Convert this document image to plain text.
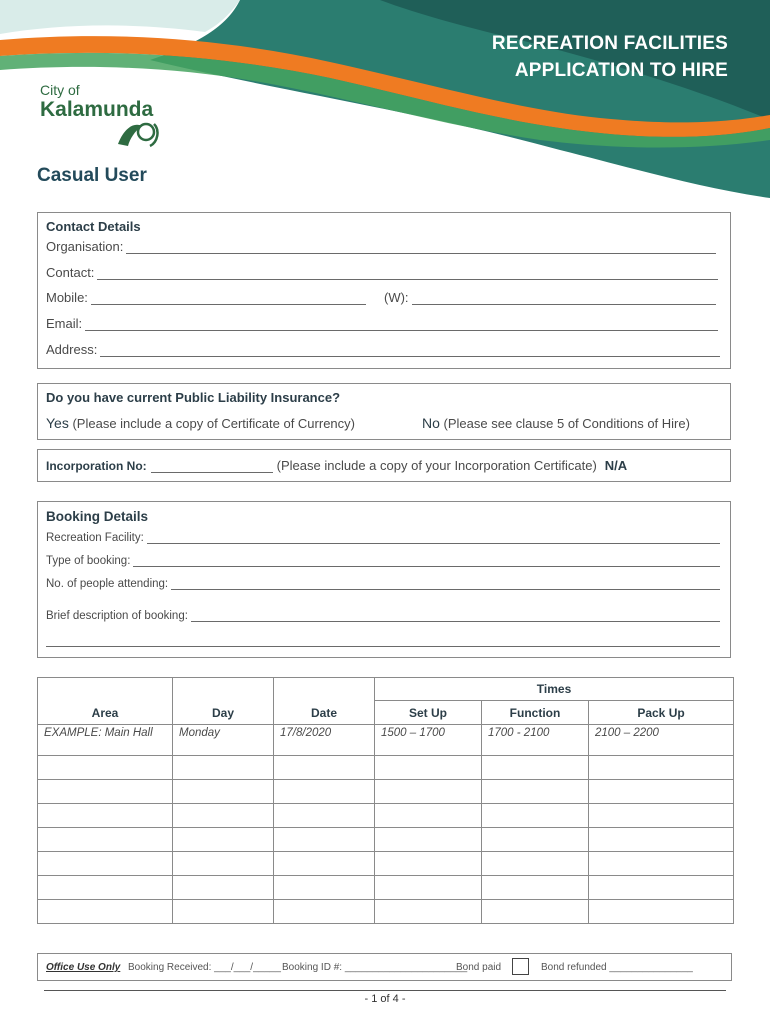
RECREATION FACILITIES
APPLICATION TO HIRE
City of
Kalamunda
Casual User
Contact Details
Organisation:
Contact:
Mobile:	(W):
Email:
Address:
Do you have current Public Liability Insurance?
Yes (Please include a copy of Certificate of Currency)	No (Please see clause 5 of Conditions of Hire)
Incorporation No:	(Please include a copy of your Incorporation Certificate) N/A
Booking Details
Recreation Facility:
Type of booking:
No. of people attending:
Brief description of booking:
Area	Day	Date	Times		
			Set Up	Function	Pack Up
EXAMPLE: Main Hall	Monday	17/8/2020	1500 – 1700	1700 - 2100	2100 – 2200

Office Use Only Booking Received: ___/___/_____ Booking ID #: ______________________
Bond paid	Bond refunded _______________
- 1 of 4 -
